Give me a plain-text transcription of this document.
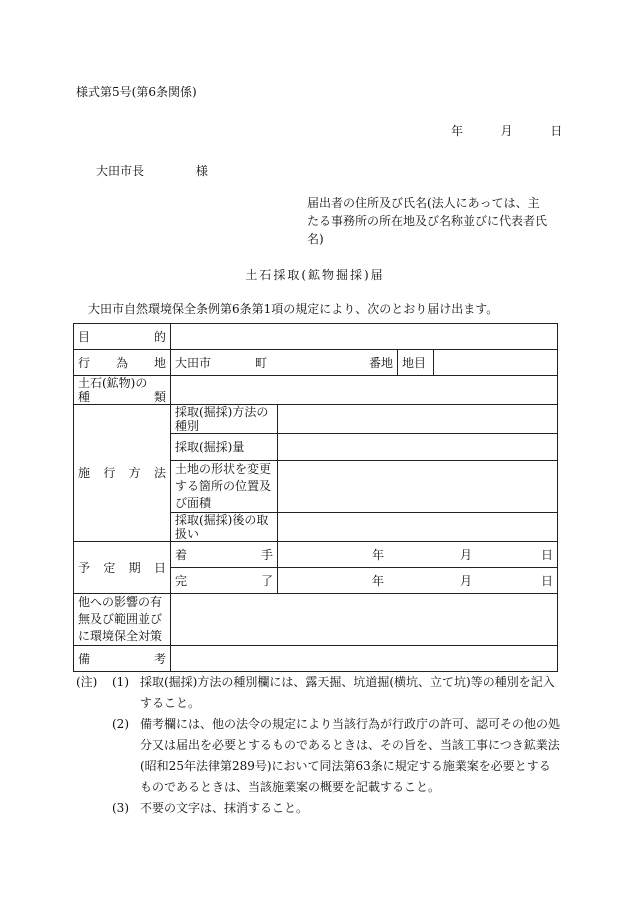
様式第5号(第6条関係)
年	月	日
大田市長	様
届出者の住所及び氏名(法人にあっては、主たる事務所の所在地及び名称並びに代表者氏名)
土石採取(鉱物掘採)届
大田市自然環境保全条例第6条第1項の規定により、次のとおり届け出ます。
目的				
行為地	大田市 町 番地		地目	

土石(鉱物)の
種類				

施行方法	採取(掘採)方法の種別			
	採取(掘採)量			
	土地の形状を変更する箇所の位置及び面積			
	採取(掘採)後の取扱い			
予定期日	着手	年 月 日		

	完了	年 月 日		

他への影響の有無及び範囲並びに環境保全対策				
備考				
(注)	(1) 採取(掘採)方法の種別欄には、露天掘、坑道掘(横坑、立て坑)等の種別を記入すること。
(2) 備考欄には、他の法令の規定により当該行為が行政庁の許可、認可その他の処分又は届出を必要とするものであるときは、その旨を、当該工事につき鉱業法(昭和25年法律第289号)において同法第63条に規定する施業案を必要とするものであるときは、当該施業案の概要を記載すること。
(3) 不要の文字は、抹消すること。
